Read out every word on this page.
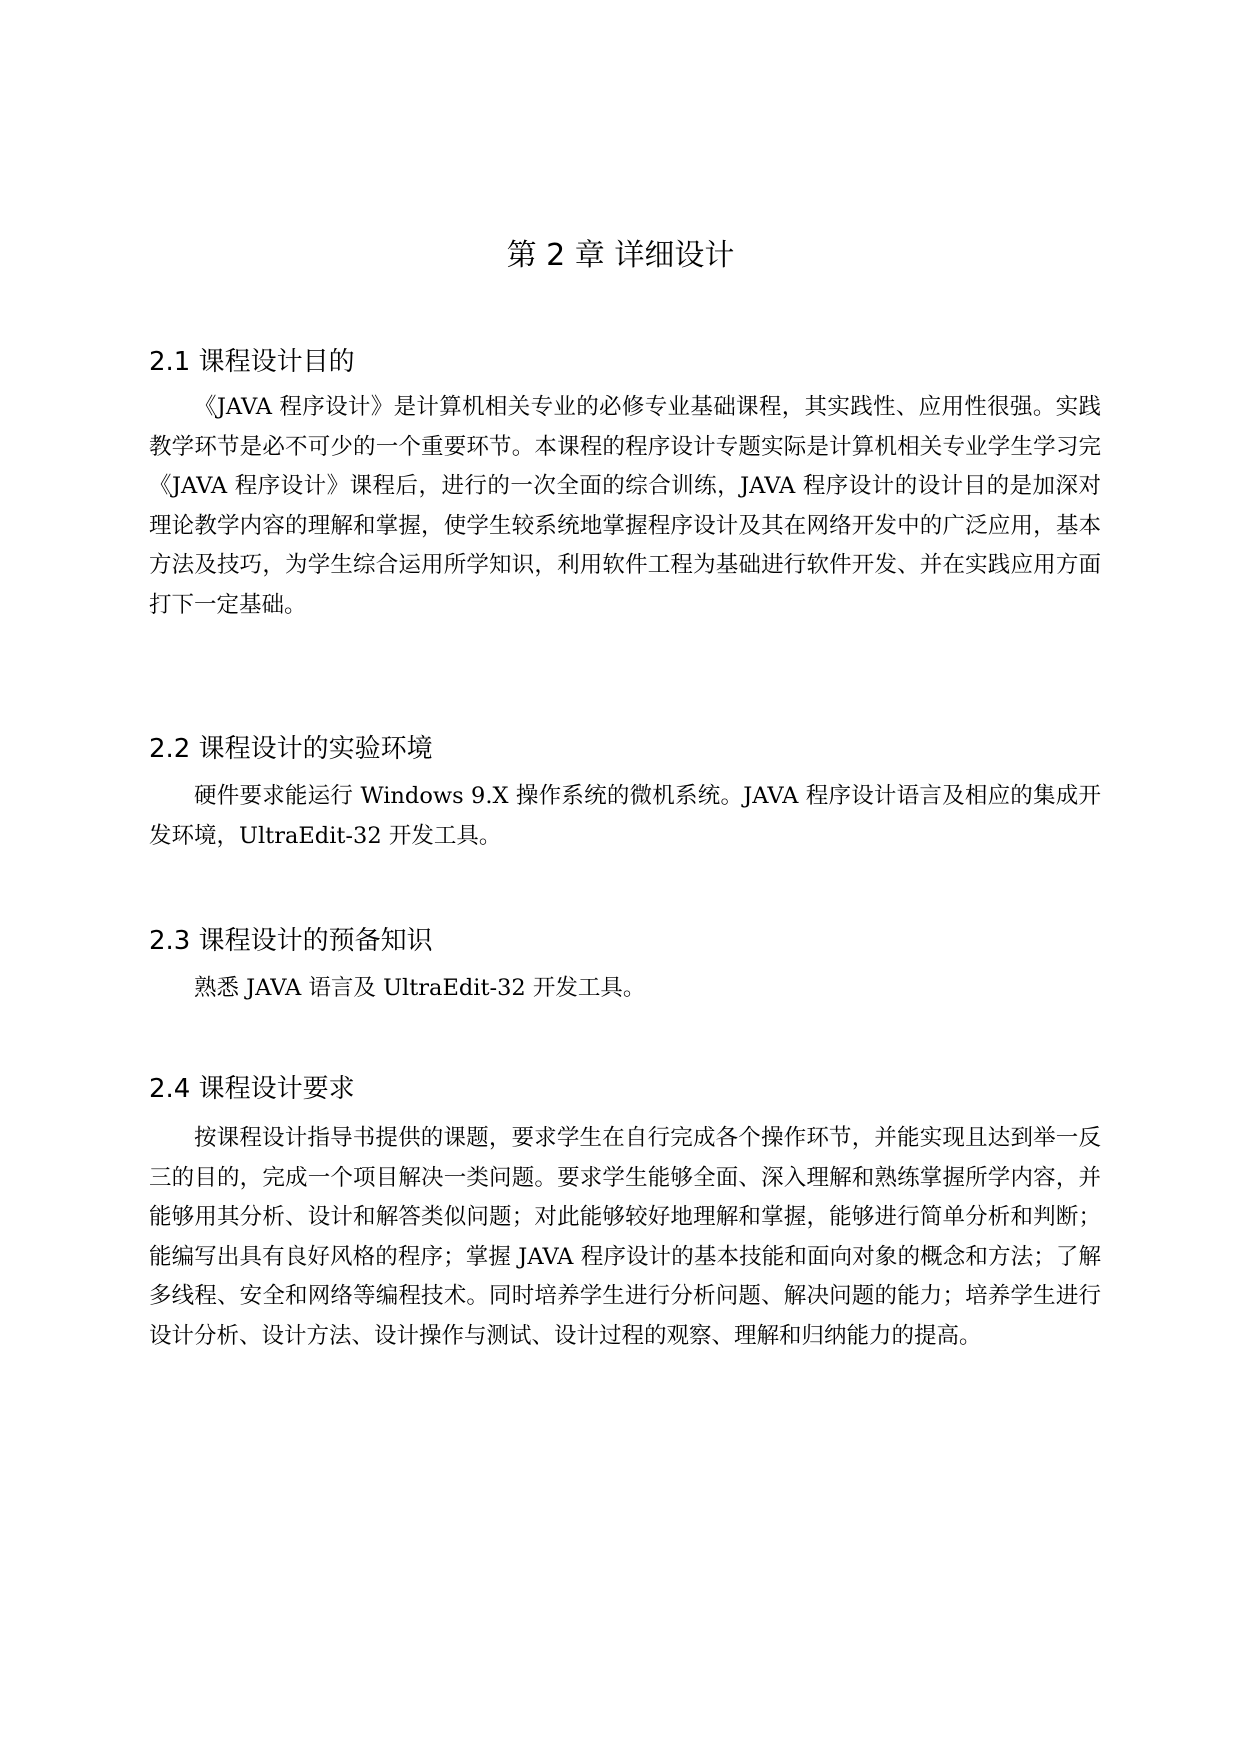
第 2 章 详细设计
2.1 课程设计目的

《JAVA 程序设计》是计算机相关专业的必修专业基础课程，其实践性、应用性很强。实践教学环节是必不可少的一个重要环节。本课程的程序设计专题实际是计算机相关专业学生学习完《JAVA 程序设计》课程后，进行的一次全面的综合训练，JAVA 程序设计的设计目的是加深对理论教学内容的理解和掌握，使学生较系统地掌握程序设计及其在网络开发中的广泛应用，基本方法及技巧，为学生综合运用所学知识，利用软件工程为基础进行软件开发、并在实践应用方面打下一定基础。

2.2 课程设计的实验环境

硬件要求能运行 Windows 9.X 操作系统的微机系统。JAVA 程序设计语言及相应的集成开发环境，UltraEdit-32 开发工具。

2.3 课程设计的预备知识

熟悉 JAVA 语言及 UltraEdit-32 开发工具。

2.4 课程设计要求

按课程设计指导书提供的课题，要求学生在自行完成各个操作环节，并能实现且达到举一反三的目的，完成一个项目解决一类问题。要求学生能够全面、深入理解和熟练掌握所学内容，并能够用其分析、设计和解答类似问题；对此能够较好地理解和掌握，能够进行简单分析和判断；能编写出具有良好风格的程序；掌握 JAVA 程序设计的基本技能和面向对象的概念和方法；了解多线程、安全和网络等编程技术。同时培养学生进行分析问题、解决问题的能力；培养学生进行设计分析、设计方法、设计操作与测试、设计过程的观察、理解和归纳能力的提高。
